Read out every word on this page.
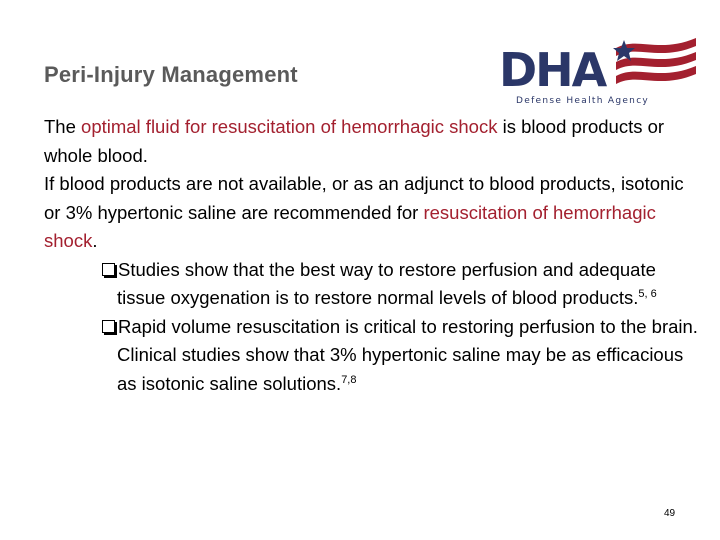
Peri-Injury Management	DHA
Defense Health Agency

The optimal fluid for resuscitation of hemorrhagic shock is blood products or whole blood.

If blood products are not available, or as an adjunct to blood products, isotonic or 3% hypertonic saline are recommended for resuscitation of hemorrhagic shock.

Studies show that the best way to restore perfusion and adequate tissue oxygenation is to restore normal levels of blood products.$^{5, 6}$
Rapid volume resuscitation is critical to restoring perfusion to the brain. Clinical studies show that 3% hypertonic saline may be as efficacious as isotonic saline solutions.$^{7,8}$
49
